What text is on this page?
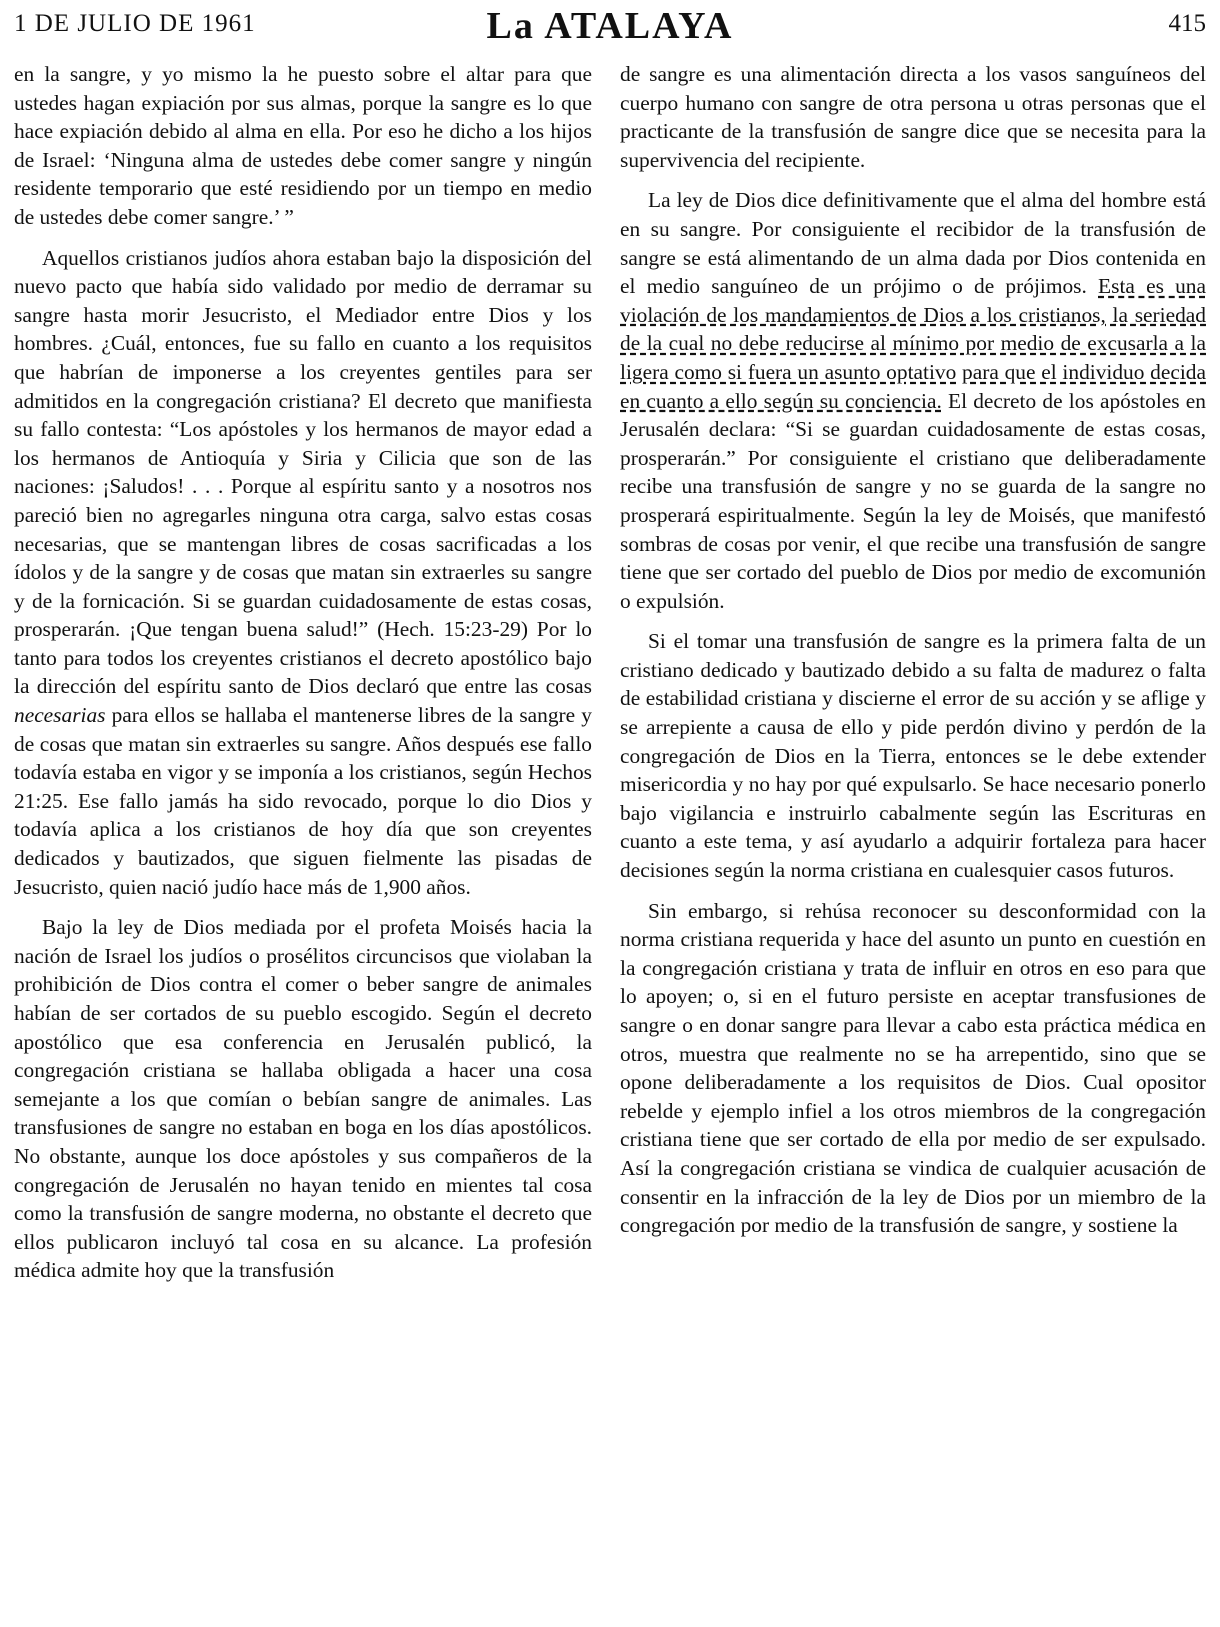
1 DE JULIO DE 1961	La ATALAYA	415

en la sangre, y yo mismo la he puesto sobre el altar para que ustedes hagan expiación por sus almas, porque la sangre es lo que hace expiación debido al alma en ella. Por eso he dicho a los hijos de Israel: ‘Ninguna alma de ustedes debe comer sangre y ningún residente temporario que esté residiendo por un tiempo en medio de ustedes debe comer sangre.’ ”

Aquellos cristianos judíos ahora estaban bajo la disposición del nuevo pacto que había sido validado por medio de derramar su sangre hasta morir Jesucristo, el Mediador entre Dios y los hombres. ¿Cuál, entonces, fue su fallo en cuanto a los requisitos que habrían de imponerse a los creyentes gentiles para ser admitidos en la congregación cristiana? El decreto que manifiesta su fallo contesta: “Los apóstoles y los hermanos de mayor edad a los hermanos de Antioquía y Siria y Cilicia que son de las naciones: ¡Saludos! . . . Porque al espíritu santo y a nosotros nos pareció bien no agregarles ninguna otra carga, salvo estas cosas necesarias, que se mantengan libres de cosas sacrificadas a los ídolos y de la sangre y de cosas que matan sin extraerles su sangre y de la fornicación. Si se guardan cuidadosamente de estas cosas, prosperarán. ¡Que tengan buena salud!” (Hech. 15:23-29) Por lo tanto para todos los creyentes cristianos el decreto apostólico bajo la dirección del espíritu santo de Dios declaró que entre las cosas necesarias para ellos se hallaba el mantenerse libres de la sangre y de cosas que matan sin extraerles su sangre. Años después ese fallo todavía estaba en vigor y se imponía a los cristianos, según Hechos 21:25. Ese fallo jamás ha sido revocado, porque lo dio Dios y todavía aplica a los cristianos de hoy día que son creyentes dedicados y bautizados, que siguen fielmente las pisadas de Jesucristo, quien nació judío hace más de 1,900 años.

Bajo la ley de Dios mediada por el profeta Moisés hacia la nación de Israel los judíos o prosélitos circuncisos que violaban la prohibición de Dios contra el comer o beber sangre de animales habían de ser cortados de su pueblo escogido. Según el decreto apostólico que esa conferencia en Jerusalén publicó, la congregación cristiana se hallaba obligada a hacer una cosa semejante a los que comían o bebían sangre de animales. Las transfusiones de sangre no estaban en boga en los días apostólicos. No obstante, aunque los doce apóstoles y sus compañeros de la congregación de Jerusalén no hayan tenido en mientes tal cosa como la transfusión de sangre moderna, no obstante el decreto que ellos publicaron incluyó tal cosa en su alcance. La profesión médica admite hoy que la transfusión

de sangre es una alimentación directa a los vasos sanguíneos del cuerpo humano con sangre de otra persona u otras personas que el practicante de la transfusión de sangre dice que se necesita para la supervivencia del recipiente.

La ley de Dios dice definitivamente que el alma del hombre está en su sangre. Por consiguiente el recibidor de la transfusión de sangre se está alimentando de un alma dada por Dios contenida en el medio sanguíneo de un prójimo o de prójimos. Esta es una violación de los mandamientos de Dios a los cristianos, la seriedad de la cual no debe reducirse al mínimo por medio de excusarla a la ligera como si fuera un asunto optativo para que el individuo decida en cuanto a ello según su conciencia. El decreto de los apóstoles en Jerusalén declara: “Si se guardan cuidadosamente de estas cosas, prosperarán.” Por consiguiente el cristiano que deliberadamente recibe una transfusión de sangre y no se guarda de la sangre no prosperará espiritualmente. Según la ley de Moisés, que manifestó sombras de cosas por venir, el que recibe una transfusión de sangre tiene que ser cortado del pueblo de Dios por medio de excomunión o expulsión.

Si el tomar una transfusión de sangre es la primera falta de un cristiano dedicado y bautizado debido a su falta de madurez o falta de estabilidad cristiana y discierne el error de su acción y se aflige y se arrepiente a causa de ello y pide perdón divino y perdón de la congregación de Dios en la Tierra, entonces se le debe extender misericordia y no hay por qué expulsarlo. Se hace necesario ponerlo bajo vigilancia e instruirlo cabalmente según las Escrituras en cuanto a este tema, y así ayudarlo a adquirir fortaleza para hacer decisiones según la norma cristiana en cualesquier casos futuros.

Sin embargo, si rehúsa reconocer su desconformidad con la norma cristiana requerida y hace del asunto un punto en cuestión en la congregación cristiana y trata de influir en otros en eso para que lo apoyen; o, si en el futuro persiste en aceptar transfusiones de sangre o en donar sangre para llevar a cabo esta práctica médica en otros, muestra que realmente no se ha arrepentido, sino que se opone deliberadamente a los requisitos de Dios. Cual opositor rebelde y ejemplo infiel a los otros miembros de la congregación cristiana tiene que ser cortado de ella por medio de ser expulsado. Así la congregación cristiana se vindica de cualquier acusación de consentir en la infracción de la ley de Dios por un miembro de la congregación por medio de la transfusión de sangre, y sostiene la
